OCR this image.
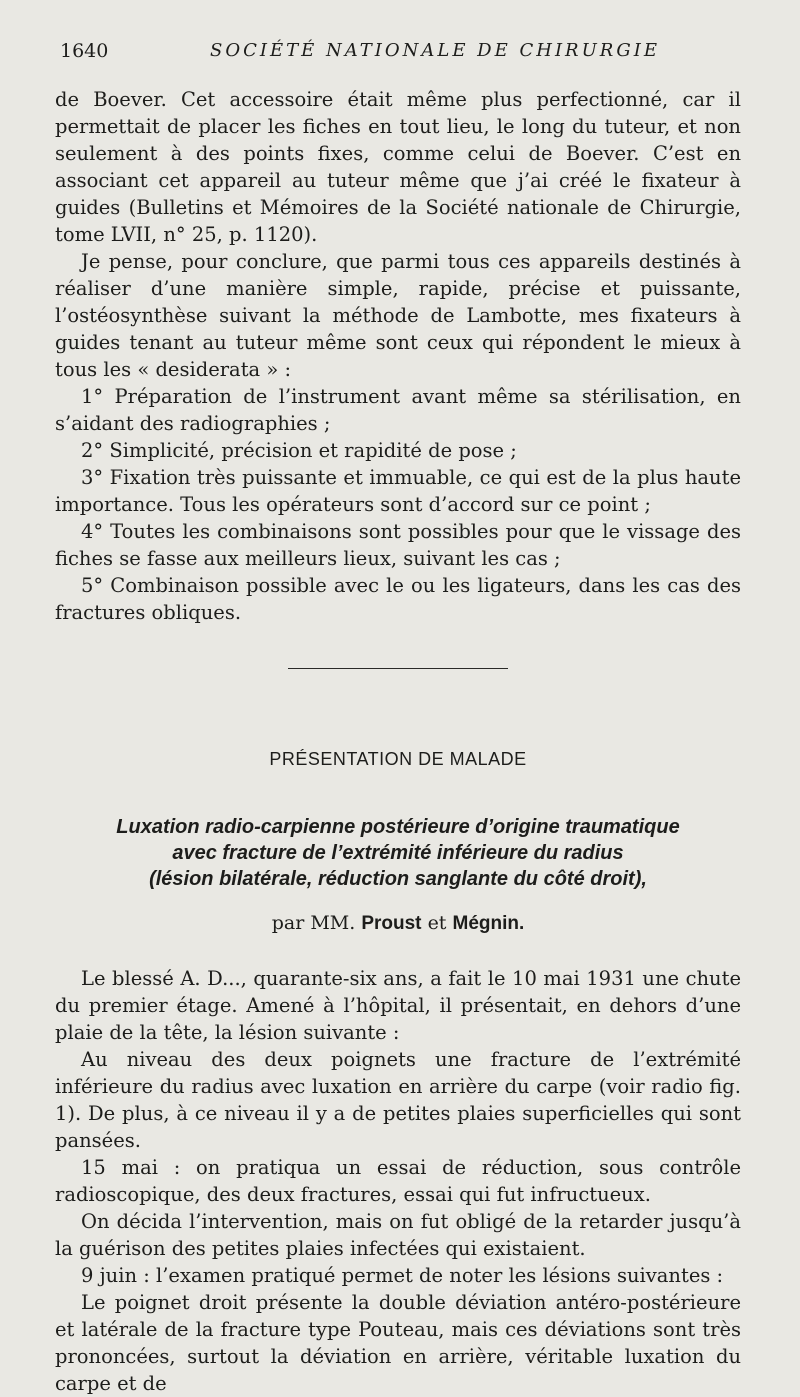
1640	SOCIÉTÉ NATIONALE DE CHIRURGIE

de Boever. Cet accessoire était même plus perfectionné, car il permettait de placer les fiches en tout lieu, le long du tuteur, et non seulement à des points fixes, comme celui de Boever. C’est en associant cet appareil au tuteur même que j’ai créé le fixateur à guides (Bulletins et Mémoires de la Société nationale de Chirurgie, tome LVII, n° 25, p. 1120).

Je pense, pour conclure, que parmi tous ces appareils destinés à réaliser d’une manière simple, rapide, précise et puissante, l’ostéosynthèse suivant la méthode de Lambotte, mes fixateurs à guides tenant au tuteur même sont ceux qui répondent le mieux à tous les « desiderata » :

1° Préparation de l’instrument avant même sa stérilisation, en s’aidant des radiographies ;

2° Simplicité, précision et rapidité de pose ;

3° Fixation très puissante et immuable, ce qui est de la plus haute importance. Tous les opérateurs sont d’accord sur ce point ;

4° Toutes les combinaisons sont possibles pour que le vissage des fiches se fasse aux meilleurs lieux, suivant les cas ;

5° Combinaison possible avec le ou les ligateurs, dans les cas des fractures obliques.

PRÉSENTATION DE MALADE
Luxation radio-carpienne postérieure d’origine traumatique
avec fracture de l’extrémité inférieure du radius
(lésion bilatérale, réduction sanglante du côté droit),
par MM. Proust et Mégnin.

Le blessé A. D..., quarante-six ans, a fait le 10 mai 1931 une chute du premier étage. Amené à l’hôpital, il présentait, en dehors d’une plaie de la tête, la lésion suivante :

Au niveau des deux poignets une fracture de l’extrémité inférieure du radius avec luxation en arrière du carpe (voir radio fig. 1). De plus, à ce niveau il y a de petites plaies superficielles qui sont pansées.

15 mai : on pratiqua un essai de réduction, sous contrôle radioscopique, des deux fractures, essai qui fut infructueux.

On décida l’intervention, mais on fut obligé de la retarder jusqu’à la guérison des petites plaies infectées qui existaient.

9 juin : l’examen pratiqué permet de noter les lésions suivantes :

Le poignet droit présente la double déviation antéro-postérieure et latérale de la fracture type Pouteau, mais ces déviations sont très prononcées, surtout la déviation en arrière, véritable luxation du carpe et de
